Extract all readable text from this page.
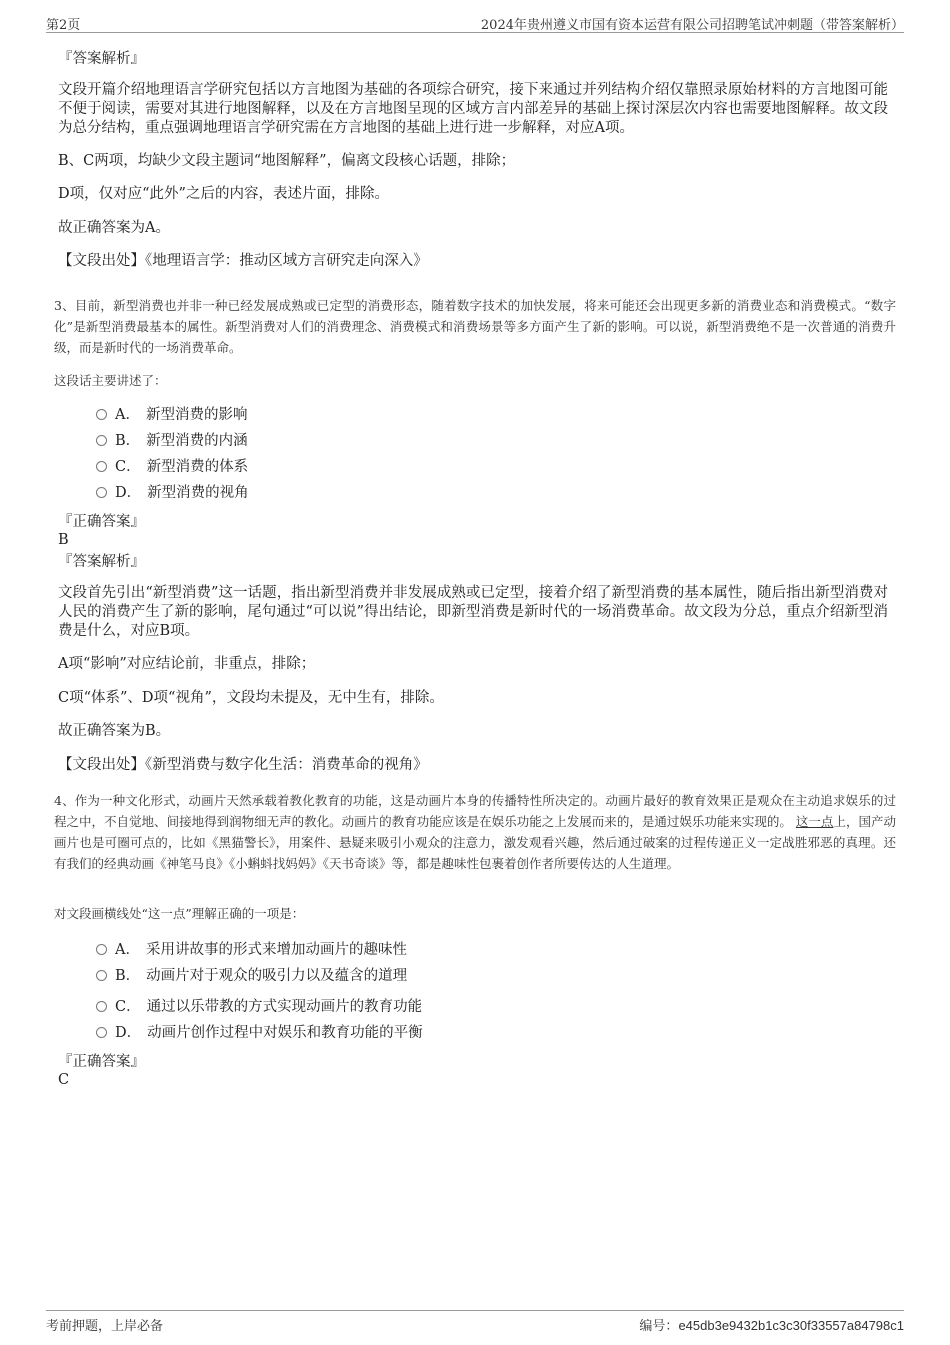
第2页	2024年贵州遵义市国有资本运营有限公司招聘笔试冲刺题（带答案解析）
『答案解析』
文段开篇介绍地理语言学研究包括以方言地图为基础的各项综合研究，接下来通过并列结构介绍仅靠照录原始材料的方言地图可能不便于阅读，需要对其进行地图解释，以及在方言地图呈现的区域方言内部差异的基础上探讨深层次内容也需要地图解释。故文段为总分结构，重点强调地理语言学研究需在方言地图的基础上进行进一步解释，对应A项。
B、C两项，均缺少文段主题词“地图解释”，偏离文段核心话题，排除；
D项，仅对应“此外”之后的内容，表述片面，排除。
故正确答案为A。
【文段出处】《地理语言学：推动区域方言研究走向深入》
3、目前，新型消费也并非一种已经发展成熟或已定型的消费形态，随着数字技术的加快发展，将来可能还会出现更多新的消费业态和消费模式。“数字化”是新型消费最基本的属性。新型消费对人们的消费理念、消费模式和消费场景等多方面产生了新的影响。可以说，新型消费绝不是一次普通的消费升级，而是新时代的一场消费革命。
这段话主要讲述了：
A． 新型消费的影响
B． 新型消费的内涵
C． 新型消费的体系
D． 新型消费的视角
『正确答案』
B
『答案解析』
文段首先引出“新型消费”这一话题，指出新型消费并非发展成熟或已定型，接着介绍了新型消费的基本属性，随后指出新型消费对人民的消费产生了新的影响，尾句通过“可以说”得出结论，即新型消费是新时代的一场消费革命。故文段为分总，重点介绍新型消费是什么，对应B项。
A项“影响”对应结论前，非重点，排除；
C项“体系”、D项“视角”，文段均未提及，无中生有，排除。
故正确答案为B。
【文段出处】《新型消费与数字化生活：消费革命的视角》
4、作为一种文化形式，动画片天然承载着教化教育的功能，这是动画片本身的传播特性所决定的。动画片最好的教育效果正是观众在主动追求娱乐的过程之中，不自觉地、间接地得到润物细无声的教化。动画片的教育功能应该是在娱乐功能之上发展而来的，是通过娱乐功能来实现的。 这一点上，国产动画片也是可圈可点的，比如《黑猫警长》，用案件、悬疑来吸引小观众的注意力，激发观看兴趣，然后通过破案的过程传递正义一定战胜邪恶的真理。还有我们的经典动画《神笔马良》《小蝌蚪找妈妈》《天书奇谈》等，都是趣味性包裹着创作者所要传达的人生道理。
对文段画横线处“这一点”理解正确的一项是：
A． 采用讲故事的形式来增加动画片的趣味性
B． 动画片对于观众的吸引力以及蕴含的道理
C． 通过以乐带教的方式实现动画片的教育功能
D． 动画片创作过程中对娱乐和教育功能的平衡
『正确答案』
C
考前押题，上岸必备	编号：e45db3e9432b1c3c30f33557a84798c1
